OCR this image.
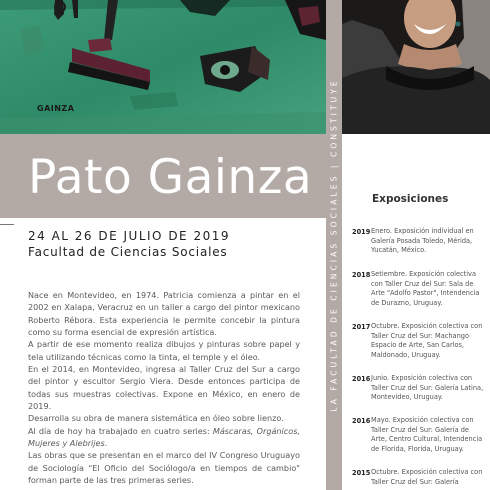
GAINZA
Pato Gainza
24 AL 26 DE JULIO DE 2019
Facultad de Ciencias Sociales

Nace en Montevideo, en 1974. Patricia comienza a pintar en el 2002 en Xalapa, Veracruz en un taller a cargo del pintor mexicano Roberto Rébora. Esta experiencia le permite concebir la pintura como su forma esencial de expresión artística.

A partir de ese momento realiza dibujos y pinturas sobre papel y tela utilizando técnicas como la tinta, el temple y el óleo.

En el 2014, en Montevideo, ingresa al Taller Cruz del Sur a cargo del pintor y escultor Sergio Viera. Desde entonces participa de todas sus muestras colectivas. Expone en México, en enero de 2019.

Desarrolla su obra de manera sistemática en óleo sobre lienzo.

Al día de hoy ha trabajado en cuatro series: Máscaras, Orgánicos, Mujeres y Alebrijes.

Las obras que se presentan en el marco del IV Congreso Uruguayo de Sociología "El Oficio del Sociólogo/a en tiempos de cambio" forman parte de las tres primeras series.

LA FACULTAD DE CIENCIAS SOCIALES | CONSTITUYE	Exposiciones
2019 Enero. Exposición individual en Galería Posada Toledo, Mérida, Yucatán, México.
2018 Setiembre. Exposición colectiva con Taller Cruz del Sur: Sala de Arte "Adolfo Pastor", Intendencia de Durazno, Uruguay.
2017 Octubre. Exposición colectiva con Taller Cruz del Sur: Machango Espacio de Arte, San Carlos, Maldonado, Uruguay.
2016 Junio. Exposición colectiva con Taller Cruz del Sur: Galería Latina, Montevideo, Uruguay.
2016 Mayo. Exposición colectiva con Taller Cruz del Sur: Galería de Arte, Centro Cultural, Intendencia de Florida, Florida, Uruguay.
2015 Octubre. Exposición colectiva con Taller Cruz del Sur: Galería
